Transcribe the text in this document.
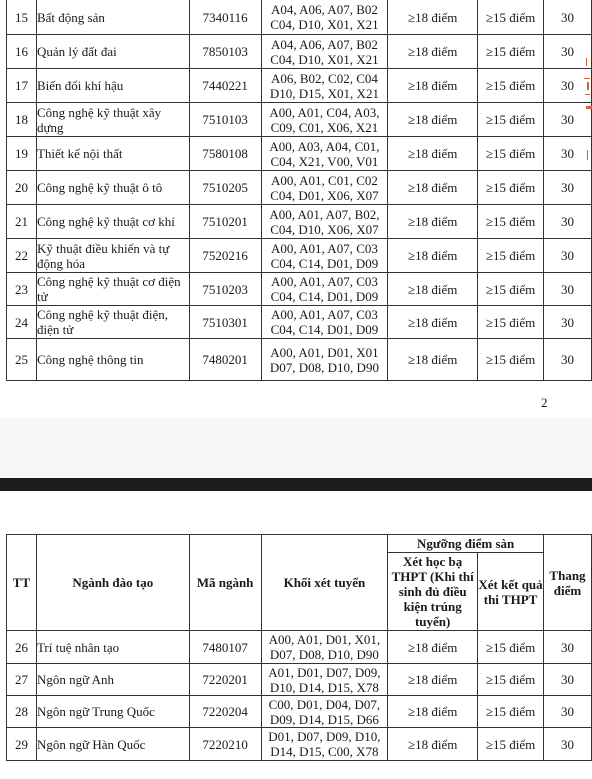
15	Bất động sản	7340116	A04, A06, A07, B02 C04, D10, X01, X21	≥18 điểm	≥15 điểm	30
16	Quản lý đất đai	7850103	A04, A06, A07, B02 C04, D10, X01, X21	≥18 điểm	≥15 điểm	30
17	Biến đổi khí hậu	7440221	A06, B02, C02, C04 D10, D15, X01, X21	≥18 điểm	≥15 điểm	30
18	Công nghệ kỹ thuật xây dựng	7510103	A00, A01, C04, A03, C09, C01, X06, X21	≥18 điểm	≥15 điểm	30
19	Thiết kế nội thất	7580108	A00, A03, A04, C01, C04, X21, V00, V01	≥18 điểm	≥15 điểm	30
20	Công nghệ kỹ thuật ô tô	7510205	A00, A01, C01, C02 C04, D01, X06, X07	≥18 điểm	≥15 điểm	30
21	Công nghệ kỹ thuật cơ khí	7510201	A00, A01, A07, B02, C04, D10, X06, X07	≥18 điểm	≥15 điểm	30
22	Kỹ thuật điều khiển và tự động hóa	7520216	A00, A01, A07, C03 C04, C14, D01, D09	≥18 điểm	≥15 điểm	30
23	Công nghệ kỹ thuật cơ điện tử	7510203	A00, A01, A07, C03 C04, C14, D01, D09	≥18 điểm	≥15 điểm	30
24	Công nghệ kỹ thuật điện, điện tử	7510301	A00, A01, A07, C03 C04, C14, D01, D09	≥18 điểm	≥15 điểm	30
25	Công nghệ thông tin	7480201	A00, A01, D01, X01 D07, D08, D10, D90	≥18 điểm	≥15 điểm	30
2
TT	Ngành đào tạo	Mã ngành	Khối xét tuyển	Ngưỡng điểm sàn		Thang điểm
				Xét học bạ THPT (Khi thí sinh đủ điều kiện trúng tuyển)	Xét kết quả thi THPT	
26	Trí tuệ nhân tạo	7480107	A00, A01, D01, X01, D07, D08, D10, D90	≥18 điểm	≥15 điểm	30
27	Ngôn ngữ Anh	7220201	A01, D01, D07, D09, D10, D14, D15, X78	≥18 điểm	≥15 điểm	30
28	Ngôn ngữ Trung Quốc	7220204	C00, D01, D04, D07, D09, D14, D15, D66	≥18 điểm	≥15 điểm	30
29	Ngôn ngữ Hàn Quốc	7220210	D01, D07, D09, D10, D14, D15, C00, X78	≥18 điểm	≥15 điểm	30
